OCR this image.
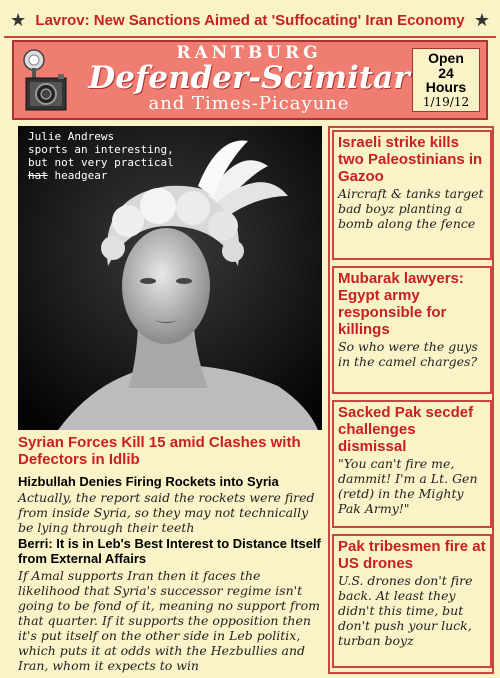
★ Lavrov: New Sanctions Aimed at 'Suffocating' Iran Economy ★
RANTBURG
Defender-Scimitar
and Times-Picayune
Open
24
Hours
1/19/12
Julie Andrews
sports an interesting,
but not very practical
hat headgear
Syrian Forces Kill 15 amid Clashes with Defectors in Idlib
Hizbullah Denies Firing Rockets into Syria
Actually, the report said the rockets were fired from inside Syria, so they may not technically be lying through their teeth
Berri: It is in Leb's Best Interest to Distance Itself from External Affairs
If Amal supports Iran then it faces the likelihood that Syria's successor regime isn't going to be fond of it, meaning no support from that quarter. If it supports the opposition then it's put itself on the other side in Leb politix, which puts it at odds with the Hezbullies and Iran, whom it expects to win
Israeli strike kills two Paleostinians in Gazoo
Aircraft & tanks target bad boyz planting a bomb along the fence
Mubarak lawyers: Egypt army responsible for killings
So who were the guys in the camel charges?
Sacked Pak secdef challenges dismissal
"You can't fire me, dammit! I'm a Lt. Gen (retd) in the Mighty Pak Army!"
Pak tribesmen fire at US drones
U.S. drones don't fire back. At least they didn't this time, but don't push your luck, turban boyz
